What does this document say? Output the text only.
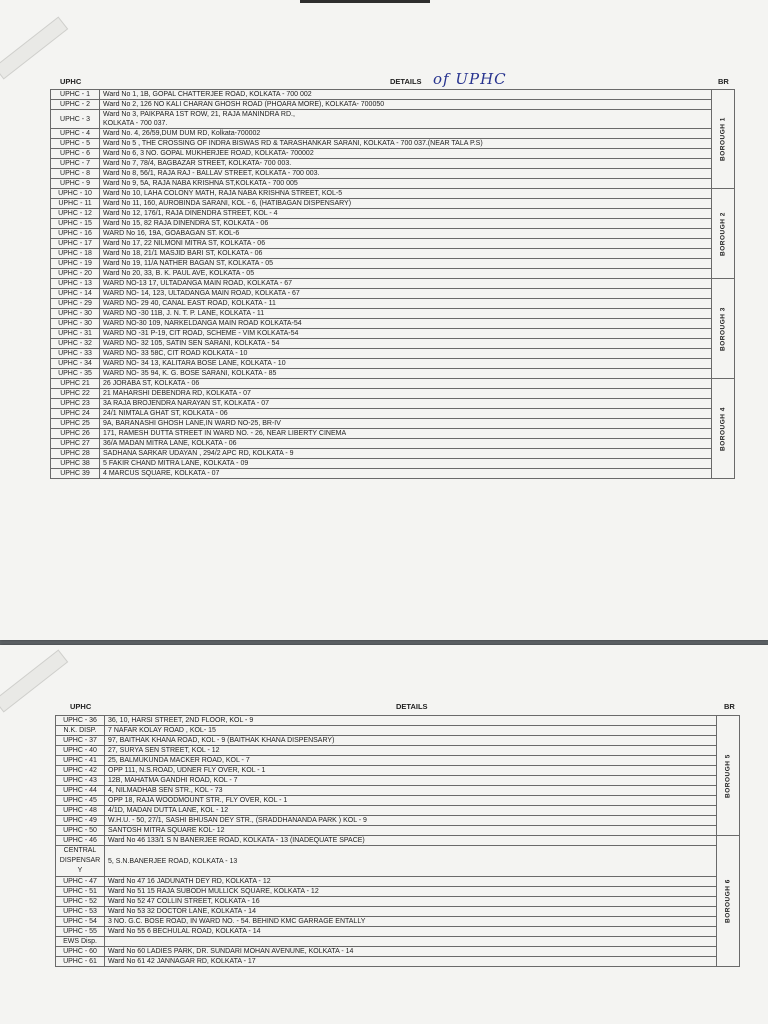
UPHC	DETAILS of UPHC	BR
UPHC - 1	Ward No 1, 1B, GOPAL CHATTERJEE ROAD, KOLKATA - 700 002	BOROUGH 1

UPHC - 2	Ward No 2, 126 NO KALI CHARAN GHOSH ROAD (PHOARA MORE), KOLKATA- 700050	

UPHC - 3	Ward No 3, PAIKPARA 1ST ROW, 21, RAJA MANINDRA RD.,
KOLKATA - 700 037.	

UPHC - 4	Ward No. 4, 26/59,DUM DUM RD, Kolkata-700002	

UPHC - 5	Ward No 5 , THE CROSSING OF INDRA BISWAS RD & TARASHANKAR SARANI, KOLKATA - 700 037.(NEAR TALA P.S)	

UPHC - 6	Ward No 6, 3 NO. GOPAL MUKHERJEE ROAD, KOLKATA- 700002	

UPHC - 7	Ward No 7, 78/4, BAGBAZAR STREET, KOLKATA- 700 003.	

UPHC - 8	Ward No 8, 56/1, RAJA RAJ - BALLAV STREET, KOLKATA - 700 003.	

UPHC - 9	Ward No 9, 5A, RAJA NABA KRISHNA ST,KOLKATA - 700 005	

UPHC - 10	Ward No 10, LAHA COLONY MATH, RAJA NABA KRISHNA STREET, KOL-5	BOROUGH 2

UPHC - 11	Ward No 11, 160, AUROBINDA SARANI, KOL - 6, (HATIBAGAN DISPENSARY)	

UPHC - 12	Ward No 12, 176/1, RAJA DINENDRA STREET, KOL - 4	

UPHC - 15	Ward No 15, 82 RAJA DINENDRA ST, KOLKATA - 06	

UPHC - 16	WARD No 16, 19A, GOABAGAN ST. KOL-6	

UPHC - 17	Ward No 17, 22 NILMONI MITRA ST, KOLKATA - 06	

UPHC - 18	Ward No 18, 21/1 MASJID BARI ST, KOLKATA - 06	

UPHC - 19	Ward No 19, 11/A NATHER BAGAN ST, KOLKATA - 05	

UPHC - 20	Ward No 20, 33, B. K. PAUL AVE, KOLKATA - 05	

UPHC - 13	WARD NO-13 17, ULTADANGA MAIN ROAD, KOLKATA - 67	BOROUGH 3

UPHC - 14	WARD NO- 14, 123, ULTADANGA MAIN ROAD, KOLKATA - 67	

UPHC - 29	WARD NO- 29 40, CANAL EAST ROAD, KOLKATA - 11	

UPHC - 30	WARD NO -30 11B, J. N. T. P. LANE, KOLKATA - 11	

UPHC - 30	WARD NO-30 109, NARKELDANGA MAIN ROAD KOLKATA-54	

UPHC - 31	WARD NO -31 P-19, CIT ROAD, SCHEME - VIM KOLKATA-54	

UPHC - 32	WARD NO- 32 105, SATIN SEN SARANI, KOLKATA - 54	

UPHC - 33	WARD NO- 33 58C, CIT ROAD KOLKATA - 10	

UPHC - 34	WARD NO- 34 13, KALITARA BOSE LANE, KOLKATA - 10	

UPHC - 35	WARD NO- 35 94, K. G. BOSE SARANI, KOLKATA - 85	

UPHC 21	26 JORABA ST, KOLKATA - 06	BOROUGH 4

UPHC 22	21 MAHARSHI DEBENDRA RD, KOLKATA - 07	

UPHC 23	3A RAJA BROJENDRA NARAYAN ST, KOLKATA - 07	

UPHC 24	24/1 NIMTALA GHAT ST, KOLKATA - 06	

UPHC 25	9A, BARANASHI GHOSH LANE,IN WARD NO-25, BR-IV	

UPHC 26	171, RAMESH DUTTA STREET IN WARD NO. - 26, NEAR LIBERTY CINEMA	

UPHC 27	36/A MADAN MITRA LANE, KOLKATA - 06	

UPHC 28	SADHANA SARKAR UDAYAN , 294/2 APC RD, KOLKATA - 9	

UPHC 38	5 FAKIR CHAND MITRA LANE, KOLKATA - 09	

UPHC 39	4 MARCUS SQUARE, KOLKATA - 07	
UPHC	DETAILS	BR
UPHC - 36	36, 10, HARSI STREET, 2ND FLOOR, KOL - 9	BOROUGH 5

N.K. DISP.	7 NAFAR KOLAY ROAD , KOL- 15	

UPHC - 37	97, BAITHAK KHANA ROAD, KOL - 9 (BAITHAK KHANA DISPENSARY)	

UPHC - 40	27, SURYA SEN STREET, KOL - 12	

UPHC - 41	25, BALMUKUNDA MACKER ROAD, KOL - 7	

UPHC - 42	OPP 111, N.S.ROAD, UDNER FLY OVER, KOL - 1	

UPHC - 43	12B, MAHATMA GANDHI ROAD, KOL - 7	

UPHC - 44	4, NILMADHAB SEN STR., KOL - 73	

UPHC - 45	OPP 18, RAJA WOODMOUNT STR., FLY OVER, KOL - 1	

UPHC - 48	4/1D, MADAN DUTTA LANE, KOL - 12	

UPHC - 49	W.H.U. - 50, 27/1, SASHI BHUSAN DEY STR., (SRADDHANANDA PARK ) KOL - 9	

UPHC - 50	SANTOSH MITRA SQUARE KOL- 12	

UPHC - 46	Ward No 46 133/1 S N BANERJEE ROAD, KOLKATA - 13 (INADEQUATE SPACE)	BOROUGH 6

CENTRAL DISPENSAR Y	5, S.N.BANERJEE ROAD, KOLKATA - 13	

UPHC - 47	Ward No 47 16 JADUNATH DEY RD, KOLKATA - 12	

UPHC - 51	Ward No 51 15 RAJA SUBODH MULLICK SQUARE, KOLKATA - 12	

UPHC - 52	Ward No 52 47 COLLIN STREET, KOLKATA - 16	

UPHC - 53	Ward No 53 32 DOCTOR LANE, KOLKATA - 14	

UPHC - 54	3 NO. G.C. BOSE ROAD, IN WARD NO. - 54. BEHIND KMC GARRAGE ENTALLY	

UPHC - 55	Ward No 55 6 BECHULAL ROAD, KOLKATA - 14	

EWS Disp.		

UPHC - 60	Ward No 60 LADIES PARK, DR. SUNDARI MOHAN AVENUNE, KOLKATA - 14	

UPHC - 61	Ward No 61 42 JANNAGAR RD, KOLKATA - 17	
